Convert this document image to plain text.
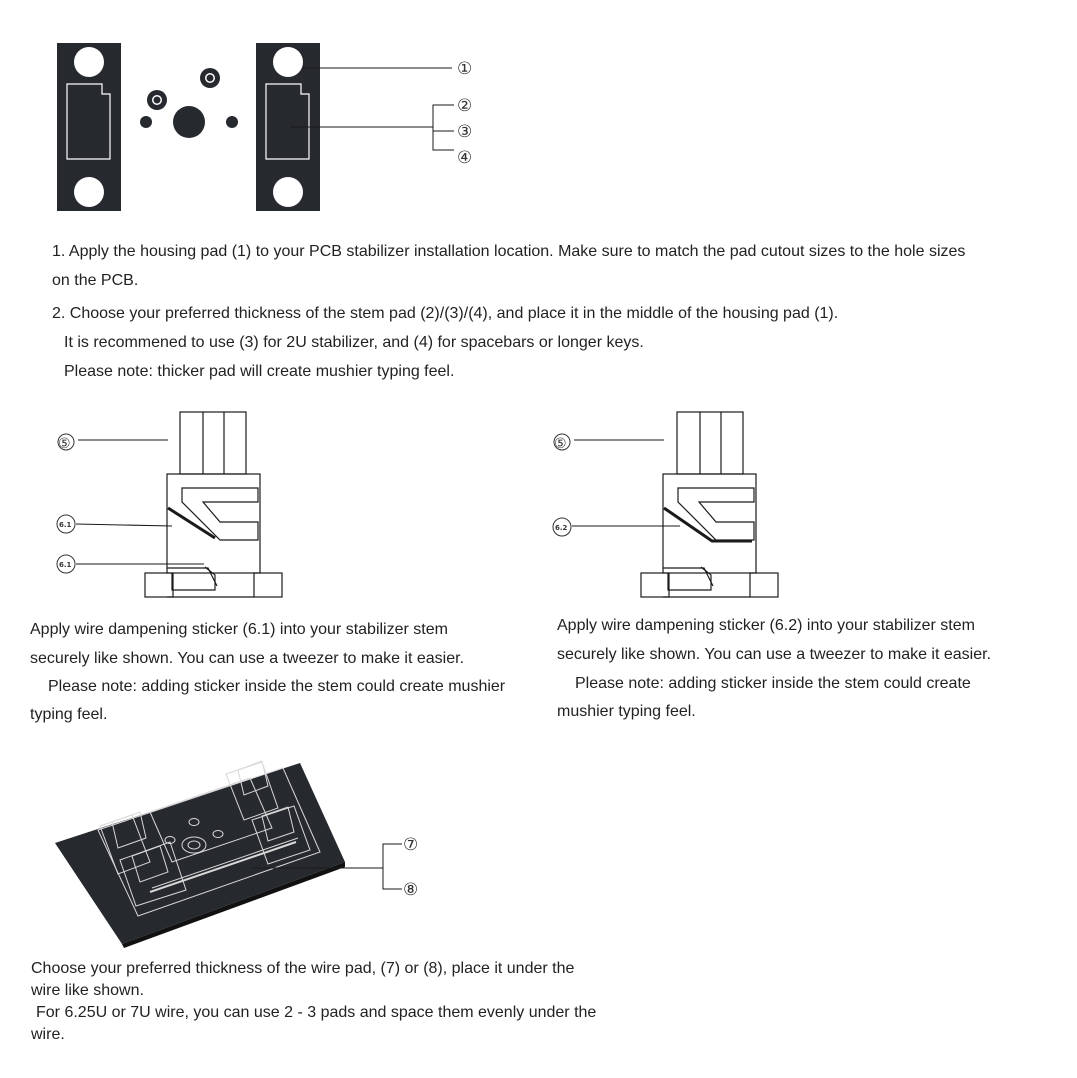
①
②
③
④
1. Apply the housing pad (1) to your PCB stabilizer installation location. Make sure to match the pad cutout sizes to the hole sizes
on the PCB.
2. Choose your preferred thickness of the stem pad (2)/(3)/(4), and place it in the middle of the housing pad (1).
It is recommened to use (3) for 2U stabilizer, and (4) for spacebars or longer keys.
Please note: thicker pad will create mushier typing feel.
⑤
6.1
6.1
⑤
6.2
Apply wire dampening sticker (6.1) into your stabilizer stem
securely like shown. You can use a tweezer to make it easier.
Please note: adding sticker inside the stem could create mushier
typing feel.
Apply wire dampening sticker (6.2) into your stabilizer stem
securely like shown. You can use a tweezer to make it easier.
Please note: adding sticker inside the stem could create
mushier typing feel.
⑦
⑧
Choose your preferred thickness of the wire pad, (7) or (8), place it under the
wire like shown.
For 6.25U or 7U wire, you can use 2 - 3 pads and space them evenly under the
wire.
